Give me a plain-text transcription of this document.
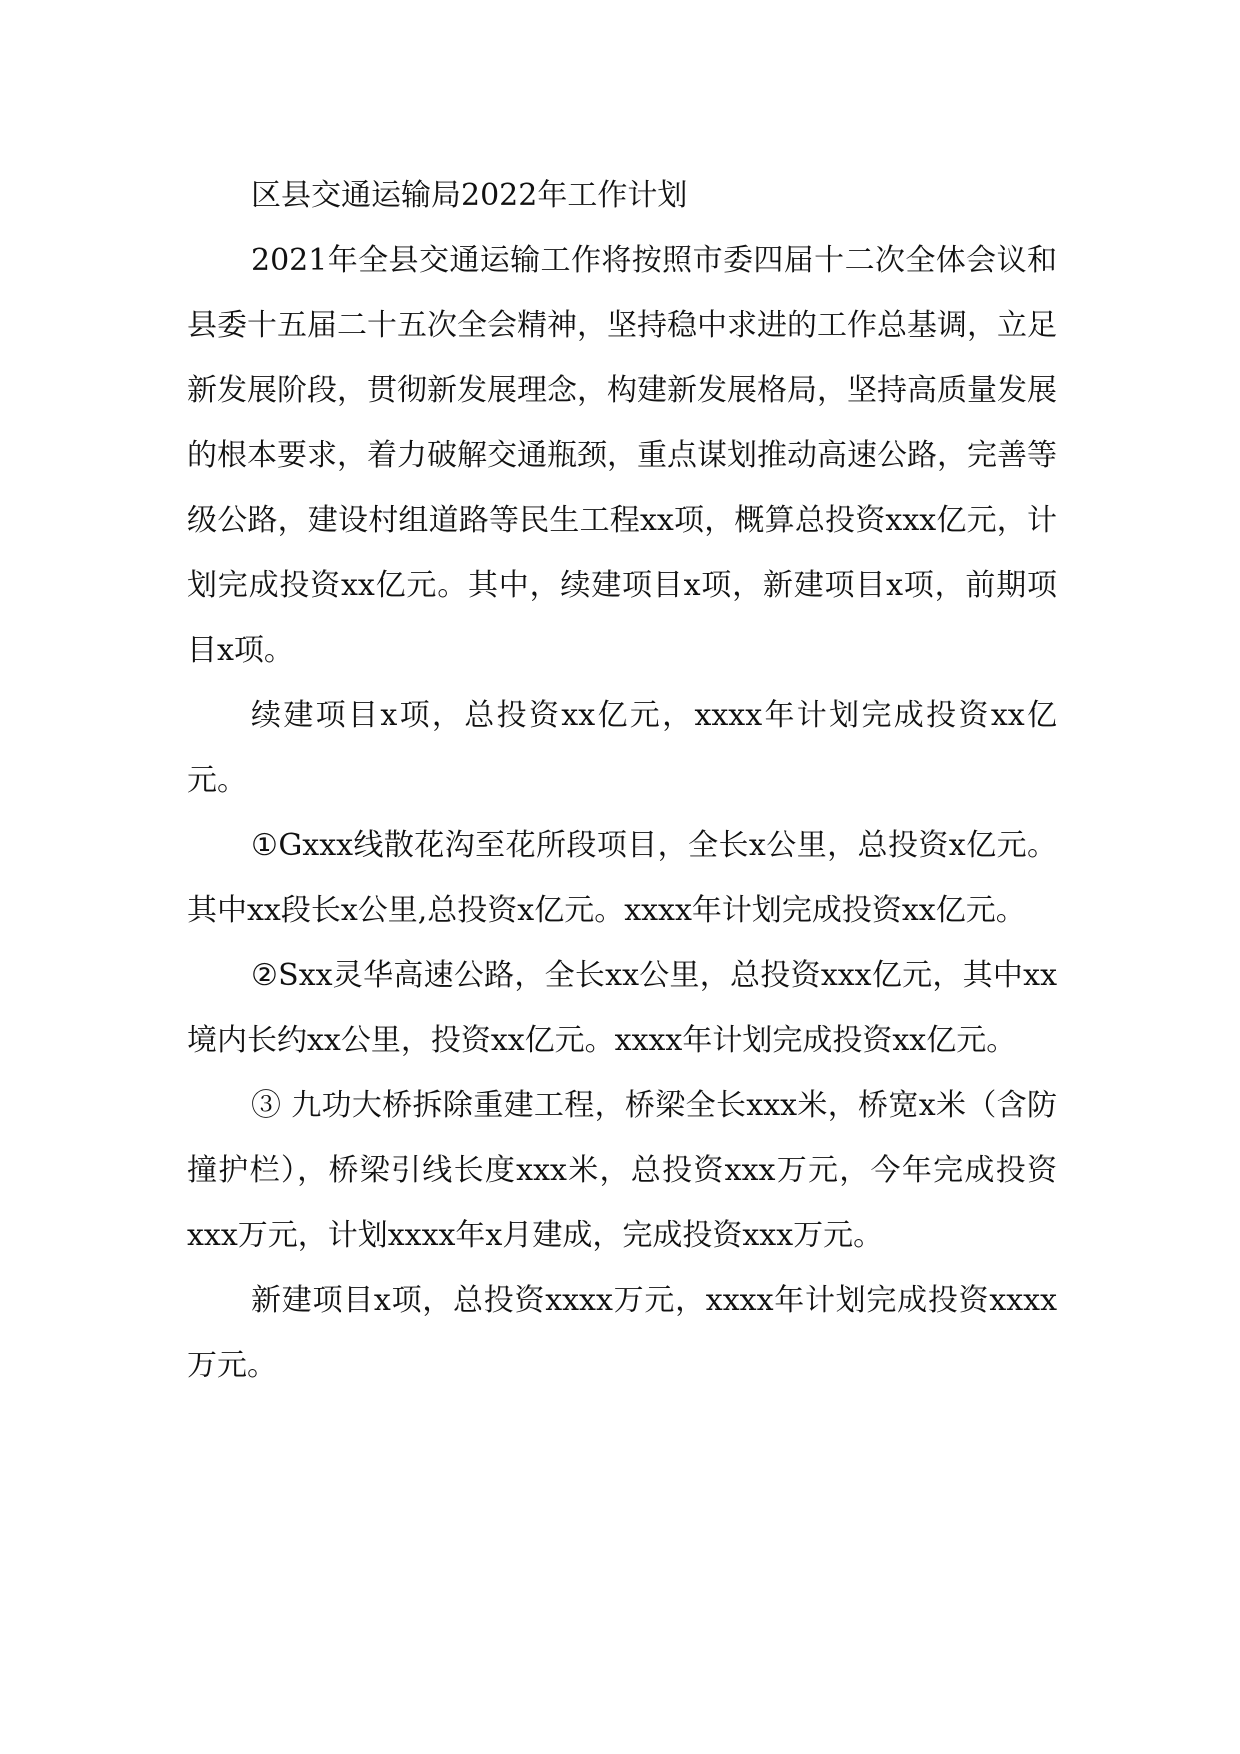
区县交通运输局2022年工作计划

2021年全县交通运输工作将按照市委四届十二次全体会议和县委十五届二十五次全会精神，坚持稳中求进的工作总基调，立足新发展阶段，贯彻新发展理念，构建新发展格局，坚持高质量发展的根本要求，着力破解交通瓶颈，重点谋划推动高速公路，完善等级公路，建设村组道路等民生工程xx项，概算总投资xxx亿元，计划完成投资xx亿元。其中，续建项目x项，新建项目x项，前期项目x项。

续建项目x项，总投资xx亿元，xxxx年计划完成投资xx亿元。

①Gxxx线散花沟至花所段项目，全长x公里，总投资x亿元。其中xx段长x公里,总投资x亿元。xxxx年计划完成投资xx亿元。

②Sxx灵华高速公路，全长xx公里，总投资xxx亿元，其中xx境内长约xx公里，投资xx亿元。xxxx年计划完成投资xx亿元。

③ 九功大桥拆除重建工程，桥梁全长xxx米，桥宽x米（含防撞护栏），桥梁引线长度xxx米，总投资xxx万元，今年完成投资xxx万元，计划xxxx年x月建成，完成投资xxx万元。

新建项目x项，总投资xxxx万元，xxxx年计划完成投资xxxx万元。
